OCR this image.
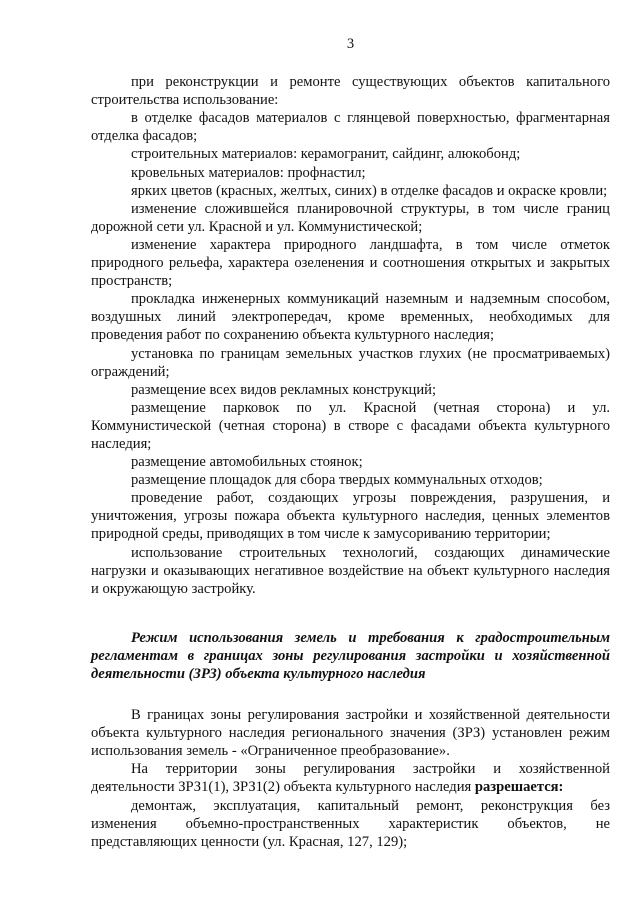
3

при реконструкции и ремонте существующих объектов капитального строительства использование:

в отделке фасадов материалов с глянцевой поверхностью, фрагментарная отделка фасадов;

строительных материалов: керамогранит, сайдинг, алюкобонд;

кровельных материалов: профнастил;

ярких цветов (красных, желтых, синих) в отделке фасадов и окраске кровли;

изменение сложившейся планировочной структуры, в том числе границ дорожной сети ул. Красной и ул. Коммунистической;

изменение характера природного ландшафта, в том числе отметок природного рельефа, характера озеленения и соотношения открытых и закрытых пространств;

прокладка инженерных коммуникаций наземным и надземным способом, воздушных линий электропередач, кроме временных, необходимых для проведения работ по сохранению объекта культурного наследия;

установка по границам земельных участков глухих (не просматриваемых) ограждений;

размещение всех видов рекламных конструкций;

размещение парковок по ул. Красной (четная сторона) и ул. Коммунистической (четная сторона) в створе с фасадами объекта культурного наследия;

размещение автомобильных стоянок;

размещение площадок для сбора твердых коммунальных отходов;

проведение работ, создающих угрозы повреждения, разрушения, и уничтожения, угрозы пожара объекта культурного наследия, ценных элементов природной среды, приводящих в том числе к замусориванию территории;

использование строительных технологий, создающих динамические нагрузки и оказывающих негативное воздействие на объект культурного наследия и окружающую застройку.

Режим использования земель и требования к градостроительным регламентам в границах зоны регулирования застройки и хозяйственной деятельности (ЗРЗ) объекта культурного наследия

В границах зоны регулирования застройки и хозяйственной деятельности объекта культурного наследия регионального значения (ЗРЗ) установлен режим использования земель - «Ограниченное преобразование».

На территории зоны регулирования застройки и хозяйственной деятельности ЗРЗ1(1), ЗРЗ1(2) объекта культурного наследия разрешается:

демонтаж, эксплуатация, капитальный ремонт, реконструкция без изменения объемно-пространственных характеристик объектов, не представляющих ценности (ул. Красная, 127, 129);
